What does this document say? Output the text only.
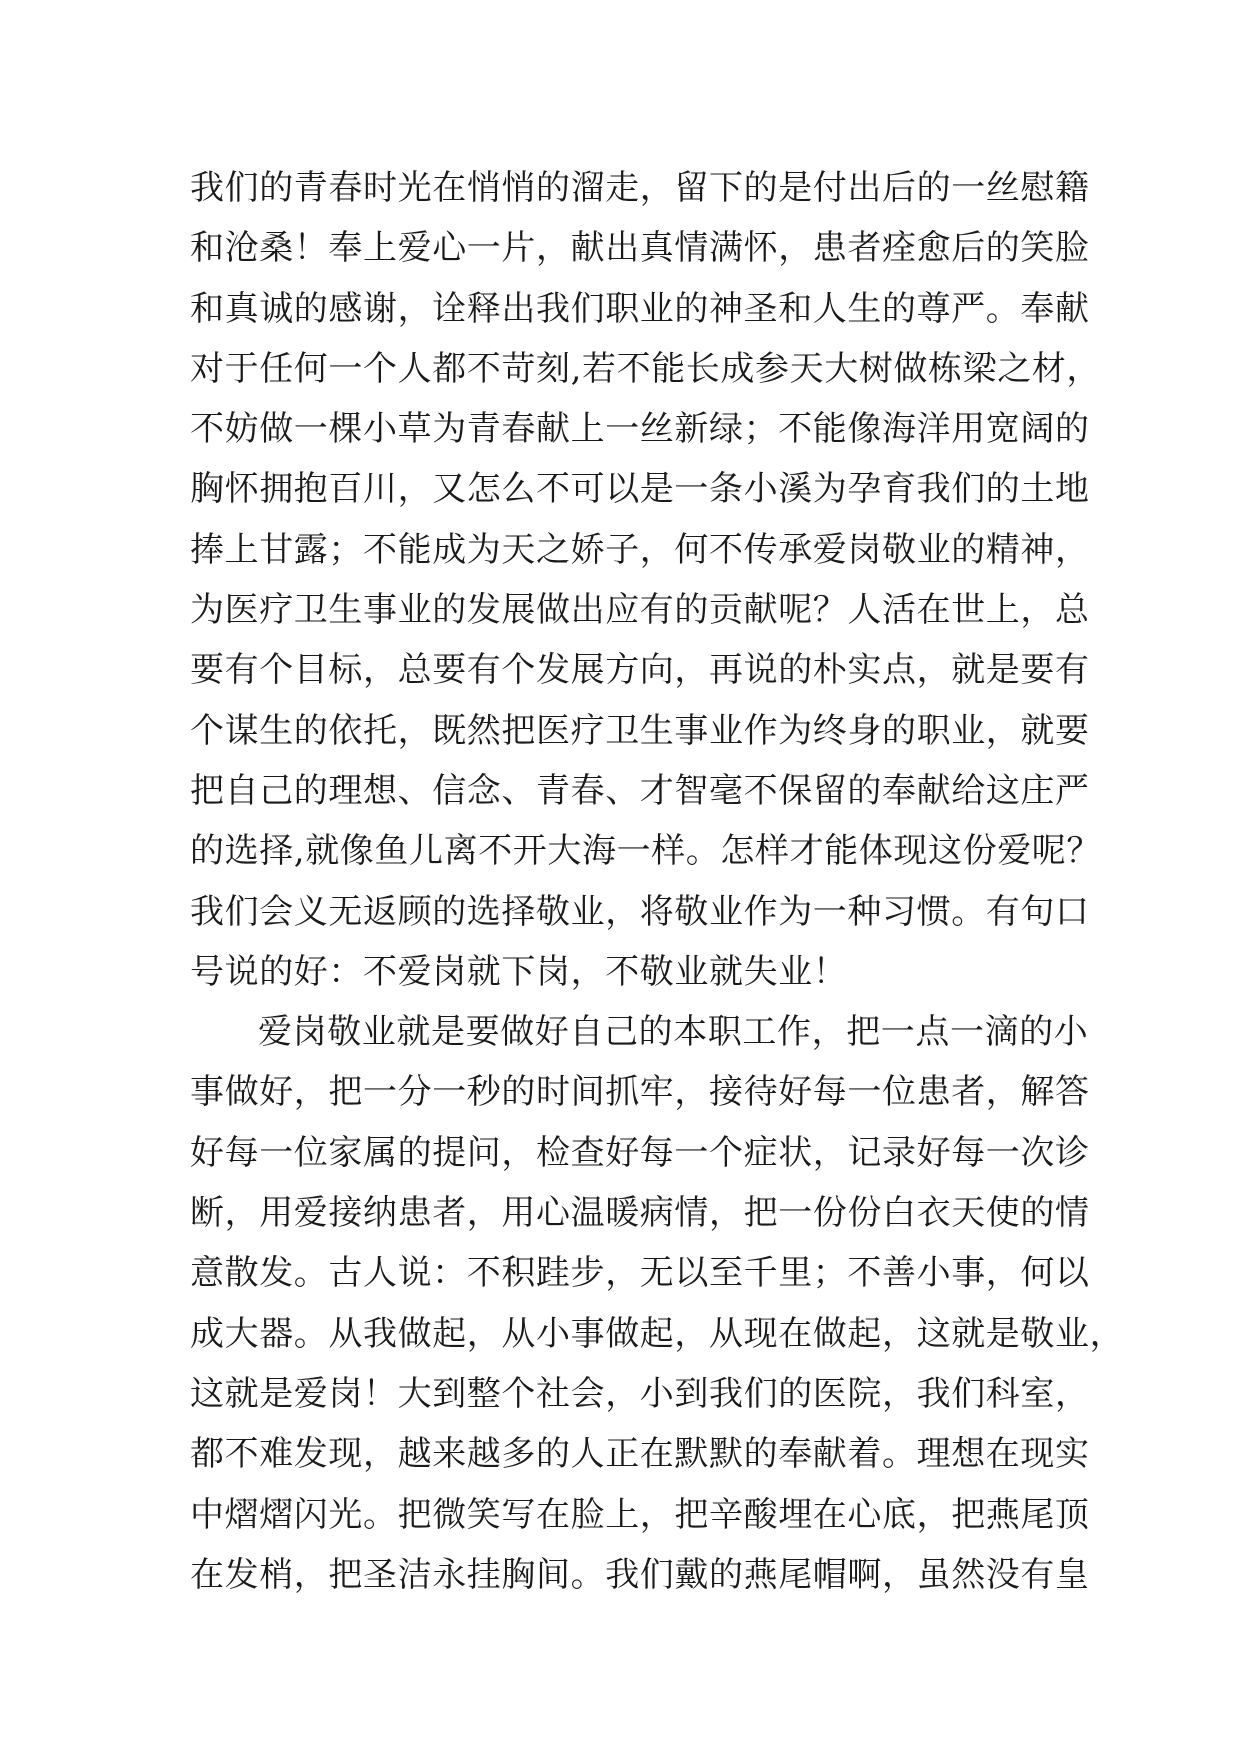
我们的青春时光在悄悄的溜走，留下的是付出后的一丝慰籍
和沧桑！奉上爱心一片，献出真情满怀，患者痊愈后的笑脸
和真诚的感谢，诠释出我们职业的神圣和人生的尊严。奉献
对于任何一个人都不苛刻,若不能长成参天大树做栋梁之材，
不妨做一棵小草为青春献上一丝新绿；不能像海洋用宽阔的
胸怀拥抱百川，又怎么不可以是一条小溪为孕育我们的土地
捧上甘露；不能成为天之娇子，何不传承爱岗敬业的精神，
为医疗卫生事业的发展做出应有的贡献呢？人活在世上，总
要有个目标，总要有个发展方向，再说的朴实点，就是要有
个谋生的依托，既然把医疗卫生事业作为终身的职业，就要
把自己的理想、信念、青春、才智毫不保留的奉献给这庄严
的选择,就像鱼儿离不开大海一样。怎样才能体现这份爱呢？
我们会义无返顾的选择敬业，将敬业作为一种习惯。有句口
号说的好：不爱岗就下岗，不敬业就失业！
爱岗敬业就是要做好自己的本职工作，把一点一滴的小
事做好，把一分一秒的时间抓牢，接待好每一位患者，解答
好每一位家属的提问，检查好每一个症状，记录好每一次诊
断，用爱接纳患者，用心温暖病情，把一份份白衣天使的情
意散发。古人说：不积跬步，无以至千里；不善小事，何以
成大器。从我做起，从小事做起，从现在做起，这就是敬业，
这就是爱岗！大到整个社会，小到我们的医院，我们科室，
都不难发现，越来越多的人正在默默的奉献着。理想在现实
中熠熠闪光。把微笑写在脸上，把辛酸埋在心底，把燕尾顶
在发梢，把圣洁永挂胸间。我们戴的燕尾帽啊，虽然没有皇
